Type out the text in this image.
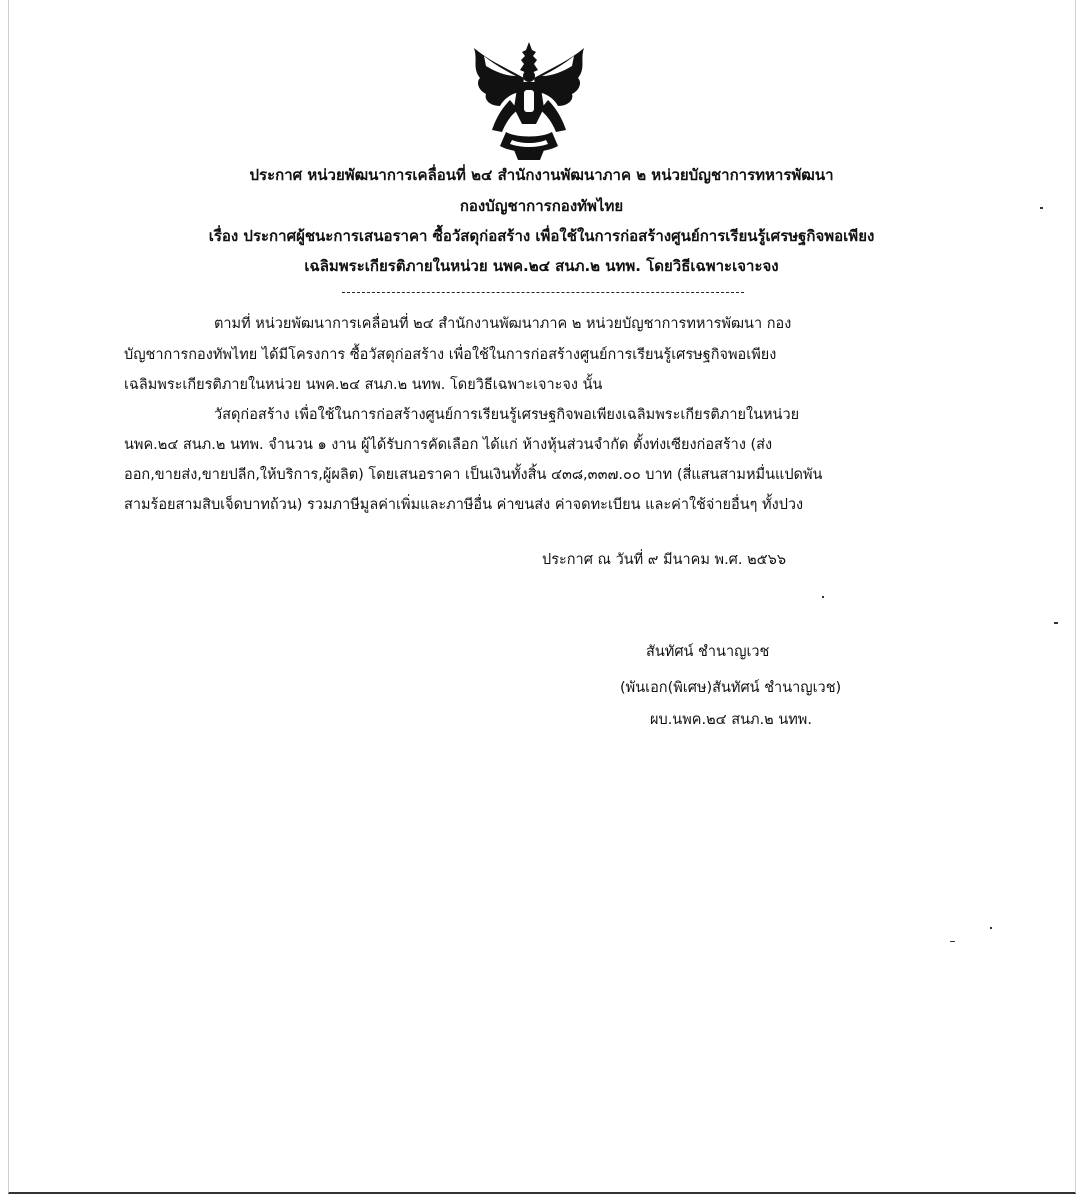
ประกาศ หน่วยพัฒนาการเคลื่อนที่ ๒๔ สำนักงานพัฒนาภาค ๒ หน่วยบัญชาการทหารพัฒนา
กองบัญชาการกองทัพไทย
เรื่อง ประกาศผู้ชนะการเสนอราคา ซื้อวัสดุก่อสร้าง เพื่อใช้ในการก่อสร้างศูนย์การเรียนรู้เศรษฐกิจพอเพียง
เฉลิมพระเกียรติภายในหน่วย นพค.๒๔ สนภ.๒ นทพ. โดยวิธีเฉพาะเจาะจง
ตามที่ หน่วยพัฒนาการเคลื่อนที่ ๒๔ สำนักงานพัฒนาภาค ๒ หน่วยบัญชาการทหารพัฒนา กอง
บัญชาการกองทัพไทย ได้มีโครงการ ซื้อวัสดุก่อสร้าง เพื่อใช้ในการก่อสร้างศูนย์การเรียนรู้เศรษฐกิจพอเพียง
เฉลิมพระเกียรติภายในหน่วย นพค.๒๔ สนภ.๒ นทพ. โดยวิธีเฉพาะเจาะจง นั้น
วัสดุก่อสร้าง เพื่อใช้ในการก่อสร้างศูนย์การเรียนรู้เศรษฐกิจพอเพียงเฉลิมพระเกียรติภายในหน่วย
นพค.๒๔ สนภ.๒ นทพ. จำนวน ๑ งาน ผู้ได้รับการคัดเลือก ได้แก่ ห้างหุ้นส่วนจำกัด ตั้งท่งเซียงก่อสร้าง (ส่ง
ออก,ขายส่ง,ขายปลีก,ให้บริการ,ผู้ผลิต) โดยเสนอราคา เป็นเงินทั้งสิ้น ๔๓๘,๓๓๗.๐๐ บาท (สี่แสนสามหมื่นแปดพัน
สามร้อยสามสิบเจ็ดบาทถ้วน) รวมภาษีมูลค่าเพิ่มและภาษีอื่น ค่าขนส่ง ค่าจดทะเบียน และค่าใช้จ่ายอื่นๆ ทั้งปวง
ประกาศ ณ วันที่ ๙ มีนาคม พ.ศ. ๒๕๖๖
สันทัศน์ ชำนาญเวช
(พันเอก(พิเศษ)สันทัศน์ ชำนาญเวช)
ผบ.นพค.๒๔ สนภ.๒ นทพ.
